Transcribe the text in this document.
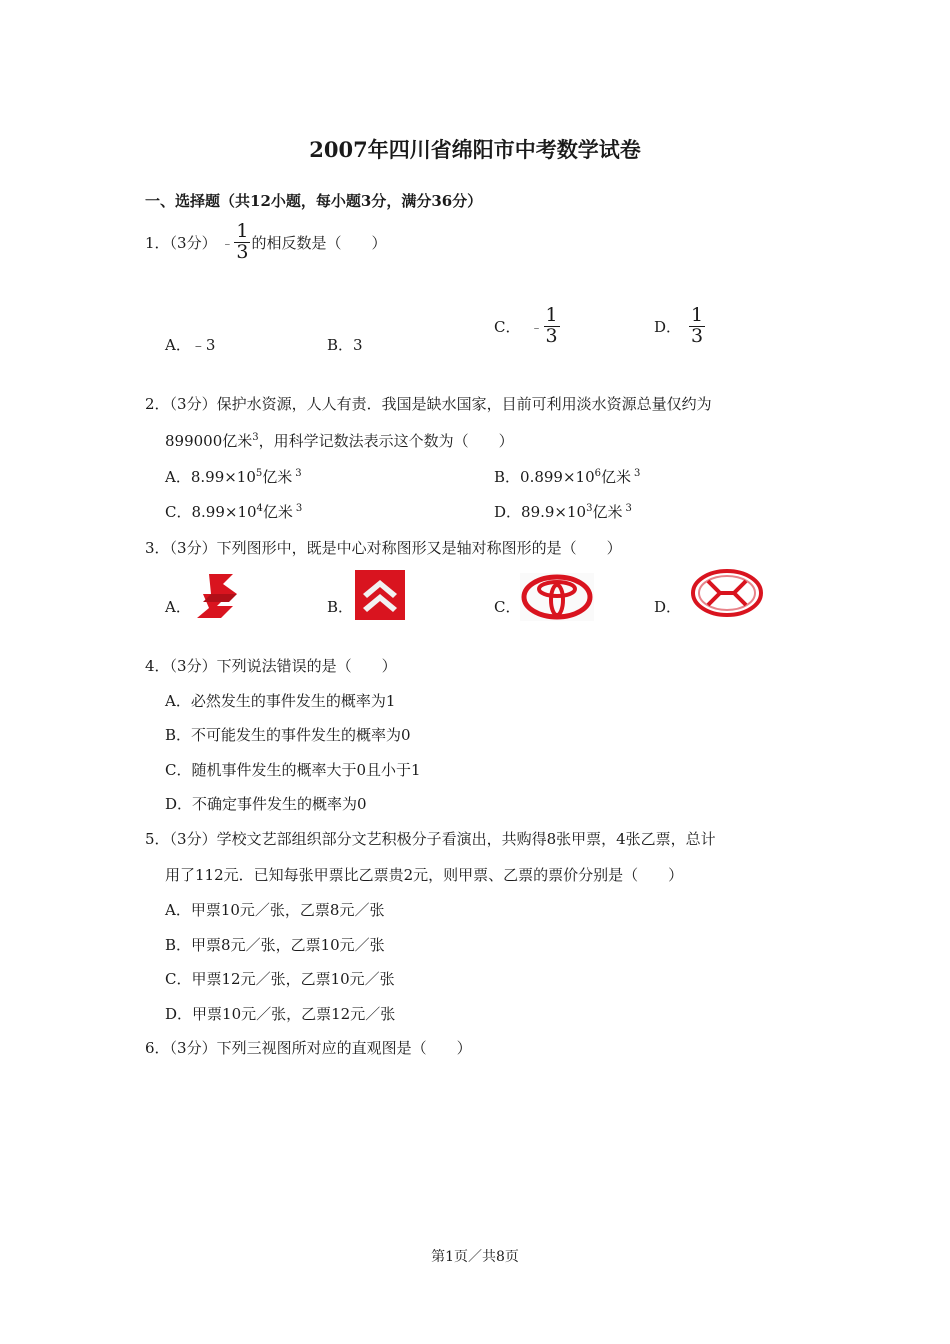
2007年四川省绵阳市中考数学试卷
一、选择题（共12小题，每小题3分，满分36分）
1．（3分） ﹣ $\frac{1}{3}$ 的相反数是（　　）
A．﹣3	B．3
C． ﹣ $\frac{1}{3}$	D． $\frac{1}{3}$
2．（3分）保护水资源，人人有责．我国是缺水国家，目前可利用淡水资源总量仅约为
899000亿米$^3$，用科学记数法表示这个数为（　　）
A．$8.99\times 10^5$亿米 $^3$	B．$0.899\times 10^6$亿米 $^3$
C．$8.99\times 10^4$亿米 $^3$	D．$89.9\times 10^3$亿米 $^3$
3．（3分）下列图形中，既是中心对称图形又是轴对称图形的是（　　）
A．	B．	C．	D．
4．（3分）下列说法错误的是（　　）
A．必然发生的事件发生的概率为1
B．不可能发生的事件发生的概率为0
C．随机事件发生的概率大于0且小于1
D．不确定事件发生的概率为0
5．（3分）学校文艺部组织部分文艺积极分子看演出，共购得8张甲票，4张乙票，总计
用了112元．已知每张甲票比乙票贵2元，则甲票、乙票的票价分别是（　　）
A．甲票10元／张，乙票8元／张
B．甲票8元／张，乙票10元／张
C．甲票12元／张，乙票10元／张
D．甲票10元／张，乙票12元／张
6．（3分）下列三视图所对应的直观图是（　　）
第1页／共8页
